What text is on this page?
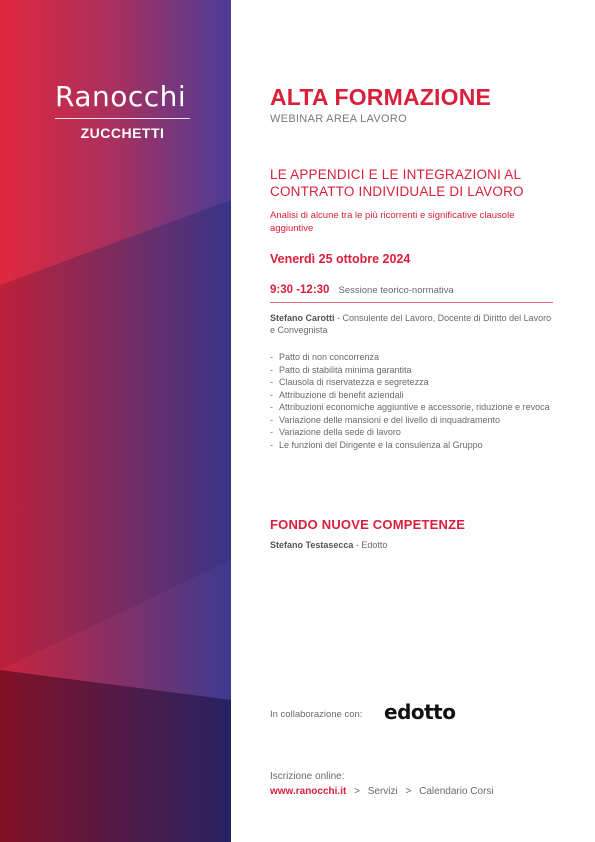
Ranocchi
ZUCCHETTI
ALTA FORMAZIONE
WEBINAR AREA LAVORO
LE APPENDICI E LE INTEGRAZIONI AL CONTRATTO INDIVIDUALE DI LAVORO
Analisi di alcune tra le più ricorrenti e significative clausole aggiuntive
Venerdì 25 ottobre 2024
9:30 -12:30 Sessione teorico-normativa
Stefano Carotti - Consulente del Lavoro, Docente di Diritto del Lavoro e Convegnista
- Patto di non concorrenza
- Patto di stabilità minima garantita
- Clausola di riservatezza e segretezza
- Attribuzione di benefit aziendali
- Attribuzioni economiche aggiuntive e accessorie, riduzione e revoca
- Variazione delle mansioni e del livello di inquadramento
- Variazione della sede di lavoro
- Le funzioni del Dirigente e la consulenza al Gruppo
FONDO NUOVE COMPETENZE
Stefano Testasecca - Edotto
In collaborazione con: edotto
Iscrizione online:
www.ranocchi.it > Servizi > Calendario Corsi
